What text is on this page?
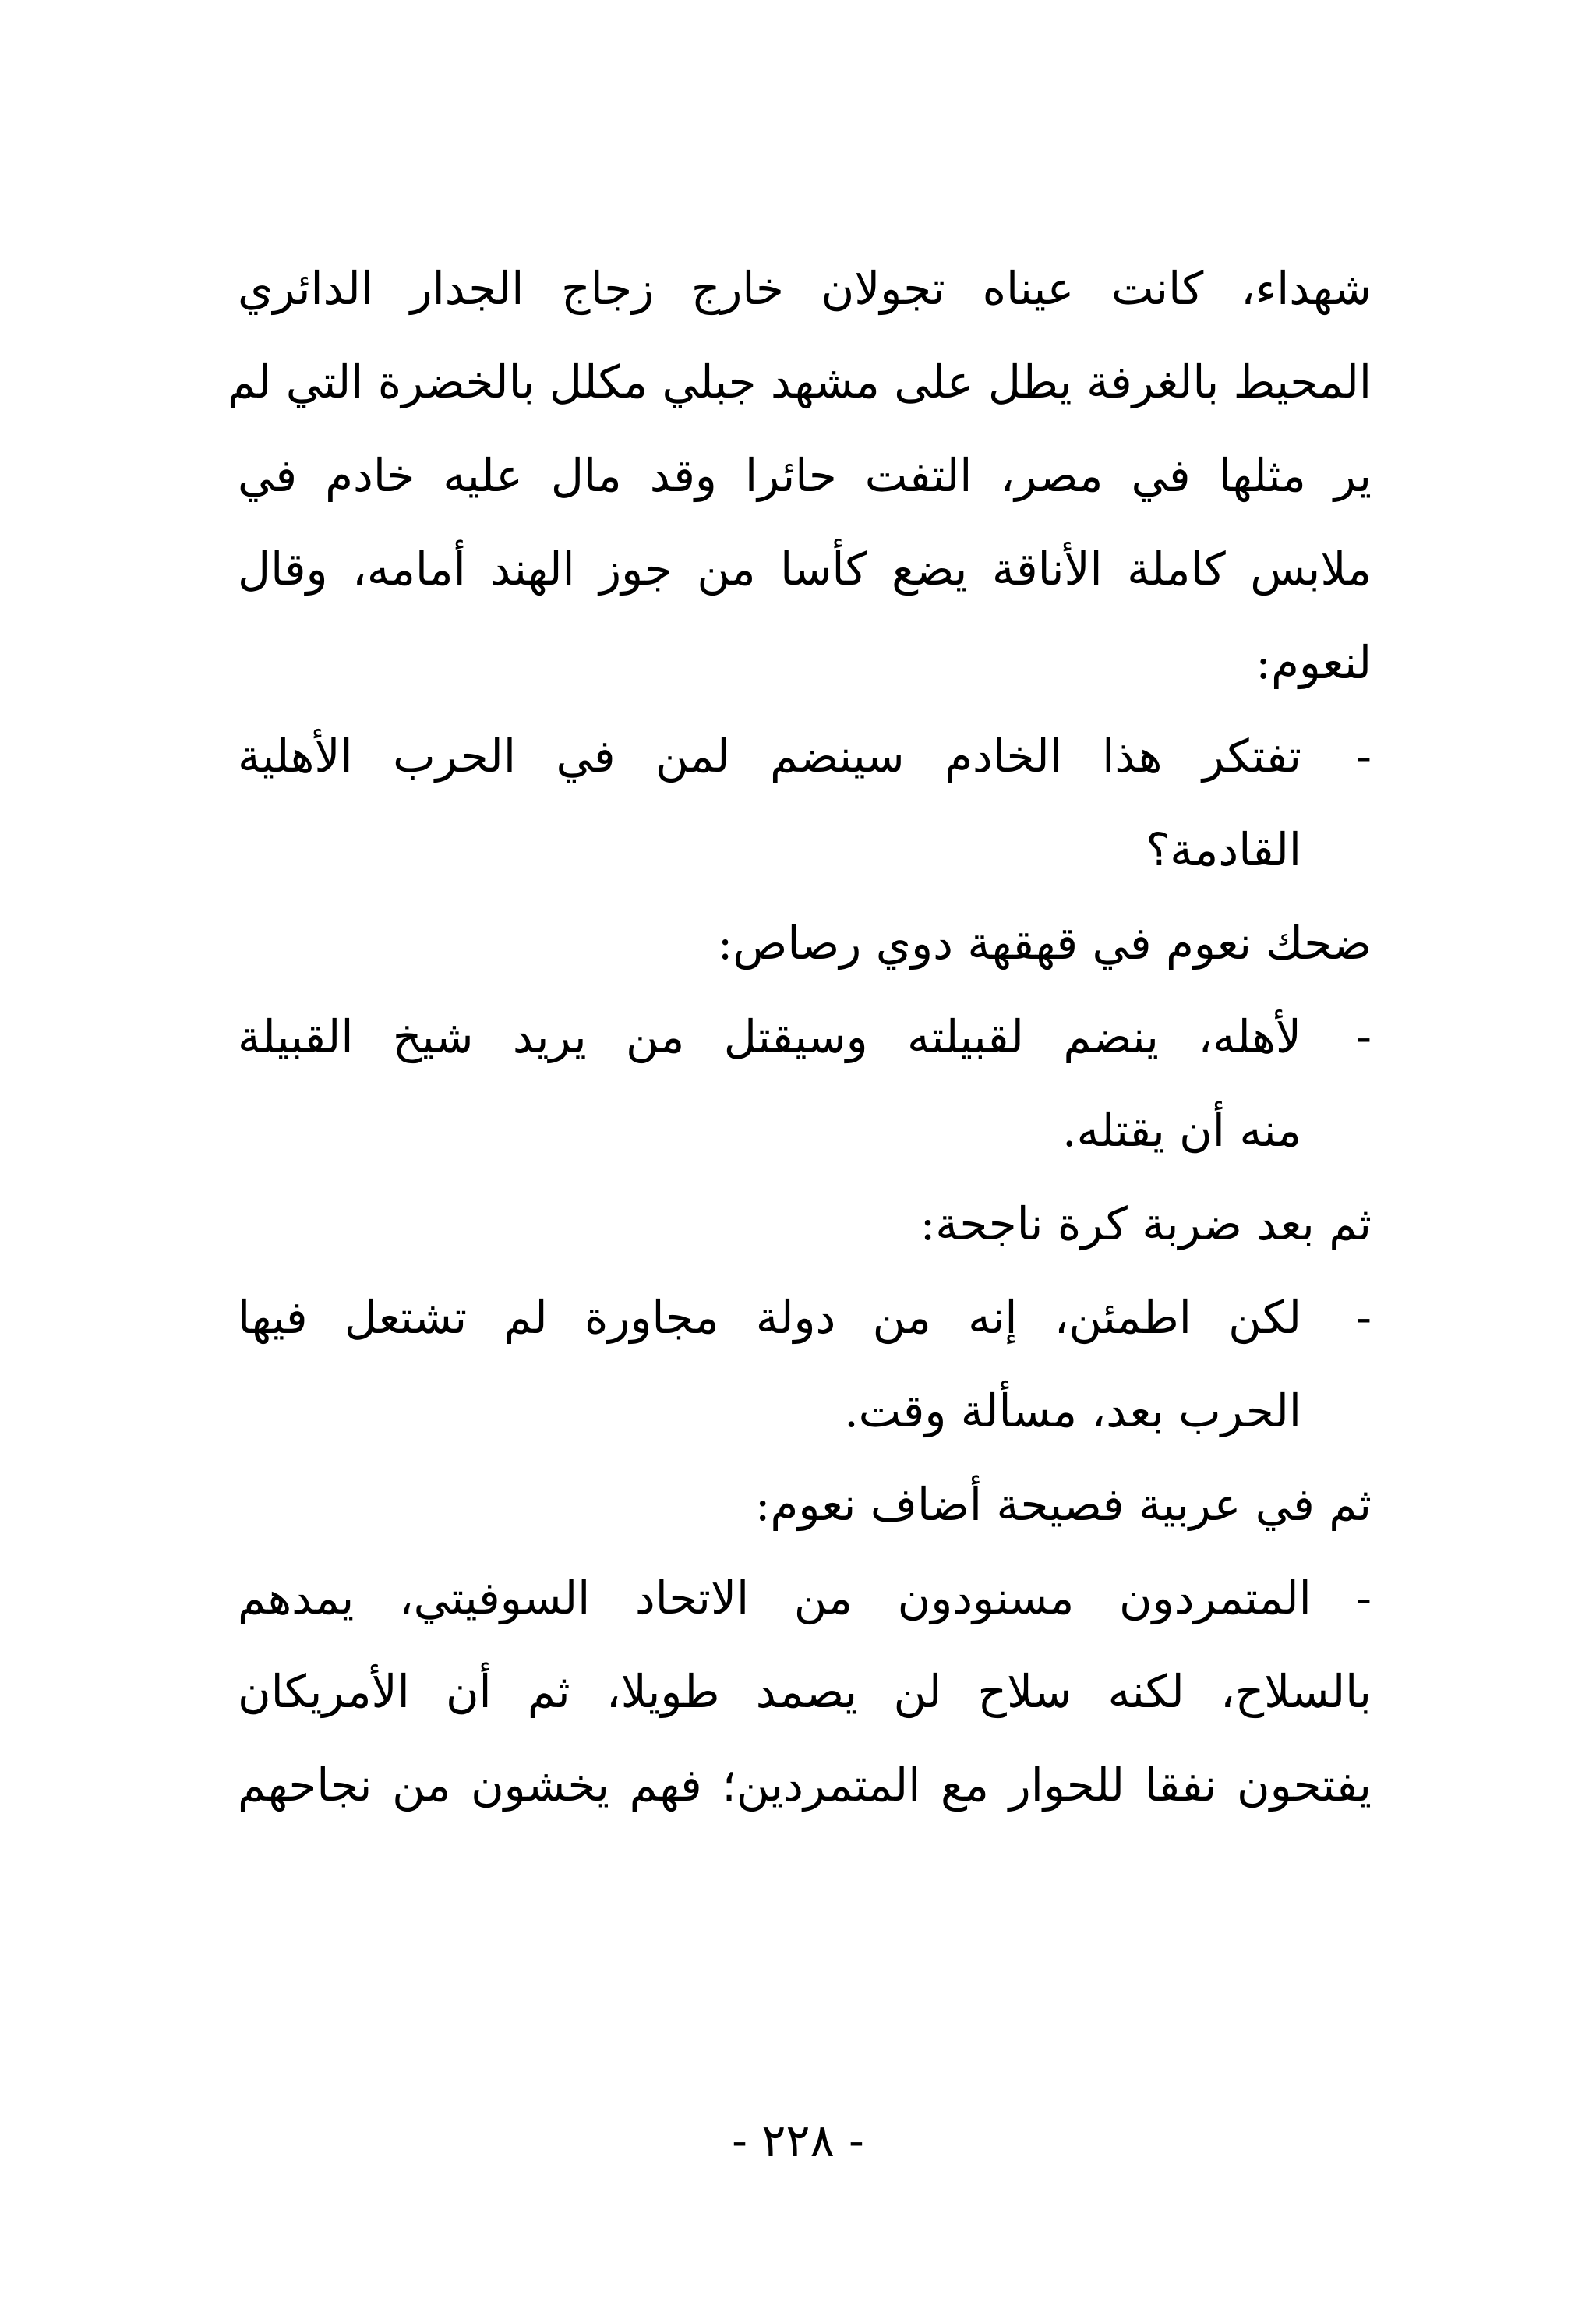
شهداء، كانت عيناه تجولان خارج زجاج الجدار الدائري
المحيط بالغرفة يطل على مشهد جبلي مكلل بالخضرة التي لم
ير مثلها في مصر، التفت حائرا وقد مال عليه خادم في
ملابس كاملة الأناقة يضع كأسا من جوز الهند أمامه، وقال
لنعوم:
-تفتكر هذا الخادم سينضم لمن في الحرب الأهلية
القادمة؟
ضحك نعوم في قهقهة دوي رصاص:
-لأهله، ينضم لقبيلته وسيقتل من يريد شيخ القبيلة
منه أن يقتله.
ثم بعد ضربة كرة ناجحة:
-لكن اطمئن، إنه من دولة مجاورة لم تشتعل فيها
الحرب بعد، مسألة وقت.
ثم في عربية فصيحة أضاف نعوم:
- المتمردون مسنودون من الاتحاد السوفيتي، يمدهم
بالسلاح، لكنه سلاح لن يصمد طويلا، ثم أن الأمريكان
يفتحون نفقا للحوار مع المتمردين؛ فهم يخشون من نجاحهم
- ٢٢٨ -
